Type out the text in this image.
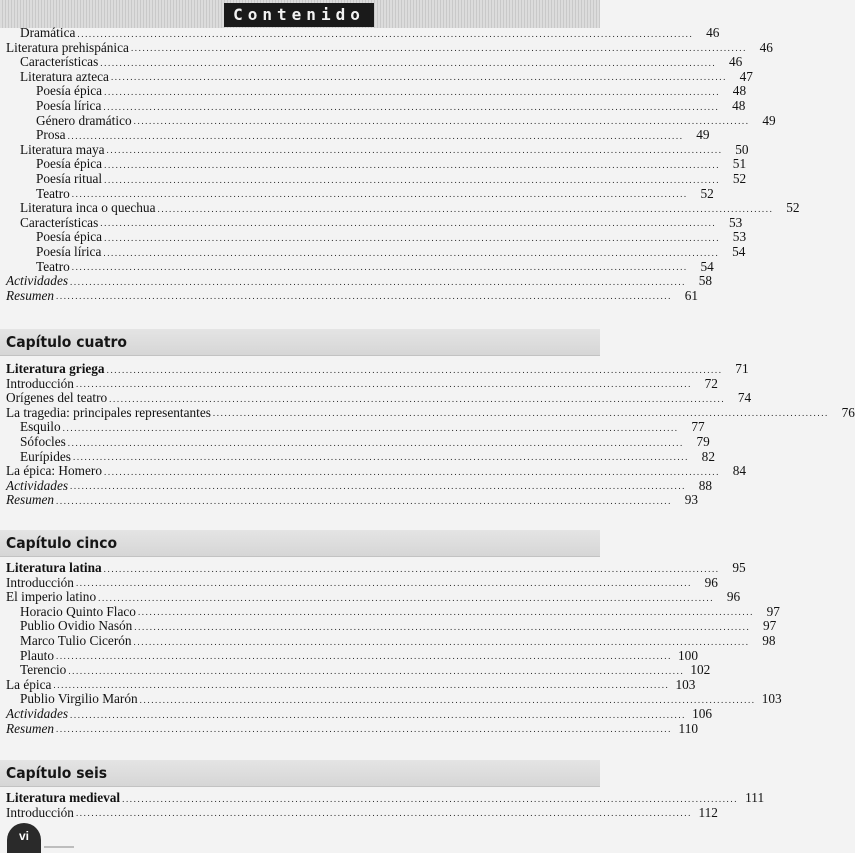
Contenido
Dramática ................................................................................................................................................................ 46
Literatura prehispánica ................................................................................................................................................................ 46
Características ................................................................................................................................................................ 46
Literatura azteca ................................................................................................................................................................ 47
Poesía épica ................................................................................................................................................................ 48
Poesía lírica ................................................................................................................................................................ 48
Género dramático ................................................................................................................................................................ 49
Prosa ................................................................................................................................................................ 49
Literatura maya ................................................................................................................................................................ 50
Poesía épica ................................................................................................................................................................ 51
Poesía ritual ................................................................................................................................................................ 52
Teatro ................................................................................................................................................................ 52
Literatura inca o quechua ................................................................................................................................................................ 52
Características ................................................................................................................................................................ 53
Poesía épica ................................................................................................................................................................ 53
Poesía lírica ................................................................................................................................................................ 54
Teatro ................................................................................................................................................................ 54
Actividades ................................................................................................................................................................ 58
Resumen ................................................................................................................................................................ 61
Capítulo cuatro
Literatura griega ................................................................................................................................................................ 71
Introducción ................................................................................................................................................................ 72
Orígenes del teatro ................................................................................................................................................................ 74
La tragedia: principales representantes ................................................................................................................................................................ 76
Esquilo ................................................................................................................................................................ 77
Sófocles ................................................................................................................................................................ 79
Eurípides ................................................................................................................................................................ 82
La épica: Homero ................................................................................................................................................................ 84
Actividades ................................................................................................................................................................ 88
Resumen ................................................................................................................................................................ 93
Capítulo cinco
Literatura latina ................................................................................................................................................................ 95
Introducción ................................................................................................................................................................ 96
El imperio latino ................................................................................................................................................................ 96
Horacio Quinto Flaco ................................................................................................................................................................ 97
Publio Ovidio Nasón ................................................................................................................................................................ 97
Marco Tulio Cicerón ................................................................................................................................................................ 98
Plauto ................................................................................................................................................................ 100
Terencio ................................................................................................................................................................ 102
La épica ................................................................................................................................................................ 103
Publio Virgilio Marón ................................................................................................................................................................ 103
Actividades ................................................................................................................................................................ 106
Resumen ................................................................................................................................................................ 110
Capítulo seis
Literatura medieval ................................................................................................................................................................ 111
Introducción ................................................................................................................................................................ 112
vi
